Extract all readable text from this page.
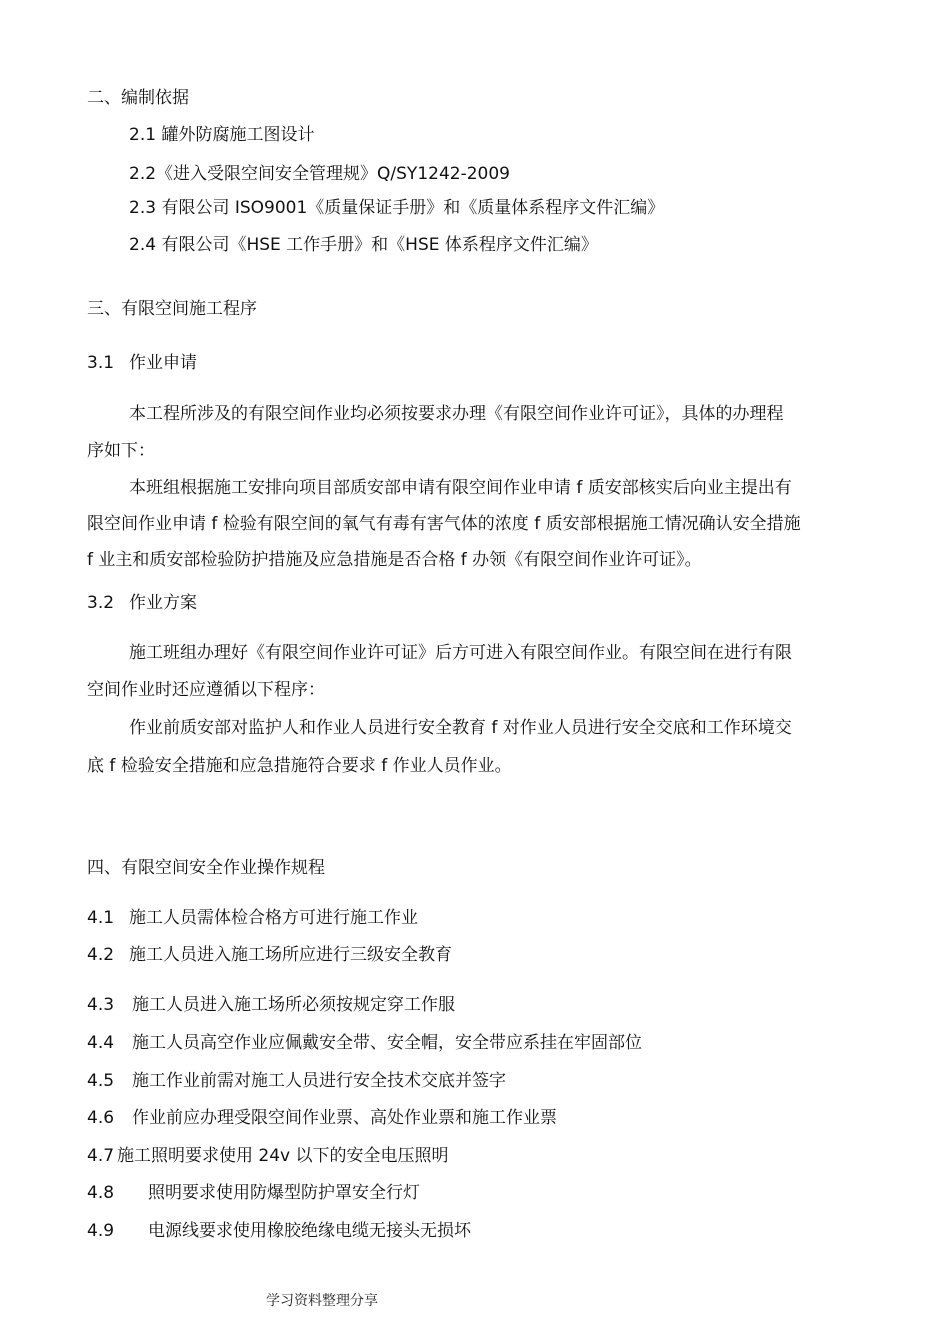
二、编制依据
2.1 罐外防腐施工图设计
2.2《进入受限空间安全管理规》Q/SY1242-2009
2.3 有限公司 ISO9001《质量保证手册》和《质量体系程序文件汇编》
2.4 有限公司《HSE 工作手册》和《HSE 体系程序文件汇编》
三、有限空间施工程序
3.1 作业申请
本工程所涉及的有限空间作业均必须按要求办理《有限空间作业许可证》，具体的办理程
序如下：
本班组根据施工安排向项目部质安部申请有限空间作业申请 f 质安部核实后向业主提出有
限空间作业申请 f 检验有限空间的氧气有毒有害气体的浓度 f 质安部根据施工情况确认安全措施
f 业主和质安部检验防护措施及应急措施是否合格 f 办领《有限空间作业许可证》。
3.2 作业方案
施工班组办理好《有限空间作业许可证》后方可进入有限空间作业。有限空间在进行有限
空间作业时还应遵循以下程序：
作业前质安部对监护人和作业人员进行安全教育 f 对作业人员进行安全交底和工作环境交
底 f 检验安全措施和应急措施符合要求 f 作业人员作业。
四、有限空间安全作业操作规程
4.1 施工人员需体检合格方可进行施工作业
4.2 施工人员进入施工场所应进行三级安全教育
4.3 施工人员进入施工场所必须按规定穿工作服
4.4 施工人员高空作业应佩戴安全带、安全帽，安全带应系挂在牢固部位
4.5 施工作业前需对施工人员进行安全技术交底并签字
4.6 作业前应办理受限空间作业票、高处作业票和施工作业票
4.7 施工照明要求使用 24v 以下的安全电压照明
4.8 照明要求使用防爆型防护罩安全行灯
4.9 电源线要求使用橡胶绝缘电缆无接头无损坏
学习资料整理分享
